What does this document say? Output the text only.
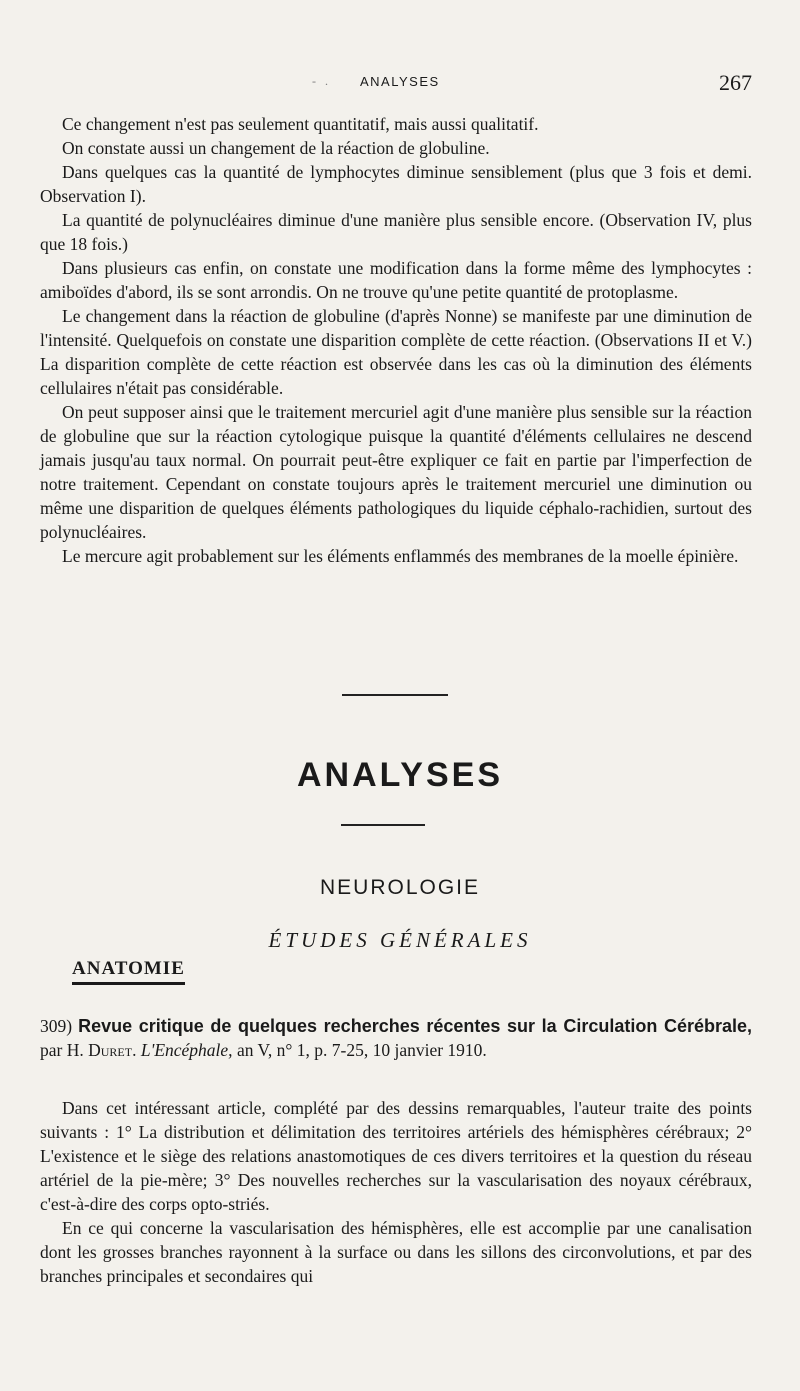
- . ANALYSES	267

Ce changement n'est pas seulement quantitatif, mais aussi qualitatif.

On constate aussi un changement de la réaction de globuline.

Dans quelques cas la quantité de lymphocytes diminue sensiblement (plus que 3 fois et demi. Observation I).

La quantité de polynucléaires diminue d'une manière plus sensible encore. (Observation IV, plus que 18 fois.)

Dans plusieurs cas enfin, on constate une modification dans la forme même des lymphocytes : amiboïdes d'abord, ils se sont arrondis. On ne trouve qu'une petite quantité de protoplasme.

Le changement dans la réaction de globuline (d'après Nonne) se manifeste par une diminution de l'intensité. Quelquefois on constate une disparition complète de cette réaction. (Observations II et V.) La disparition complète de cette réaction est observée dans les cas où la diminution des éléments cellulaires n'était pas considérable.

On peut supposer ainsi que le traitement mercuriel agit d'une manière plus sensible sur la réaction de globuline que sur la réaction cytologique puisque la quantité d'éléments cellulaires ne descend jamais jusqu'au taux normal. On pourrait peut-être expliquer ce fait en partie par l'imperfection de notre traitement. Cependant on constate toujours après le traitement mercuriel une diminution ou même une disparition de quelques éléments pathologiques du liquide céphalo-rachidien, surtout des polynucléaires.

Le mercure agit probablement sur les éléments enflammés des membranes de la moelle épinière.

ANALYSES
NEUROLOGIE
ÉTUDES GÉNÉRALES
ANATOMIE
309) Revue critique de quelques recherches récentes sur la Circulation Cérébrale, par H. Duret. L'Encéphale, an V, n° 1, p. 7-25, 10 janvier 1910.

Dans cet intéressant article, complété par des dessins remarquables, l'auteur traite des points suivants : 1° La distribution et délimitation des territoires artériels des hémisphères cérébraux; 2° L'existence et le siège des relations anastomotiques de ces divers territoires et la question du réseau artériel de la pie-mère; 3° Des nouvelles recherches sur la vascularisation des noyaux cérébraux, c'est-à-dire des corps opto-striés.

En ce qui concerne la vascularisation des hémisphères, elle est accomplie par une canalisation dont les grosses branches rayonnent à la surface ou dans les sillons des circonvolutions, et par des branches principales et secondaires qui
